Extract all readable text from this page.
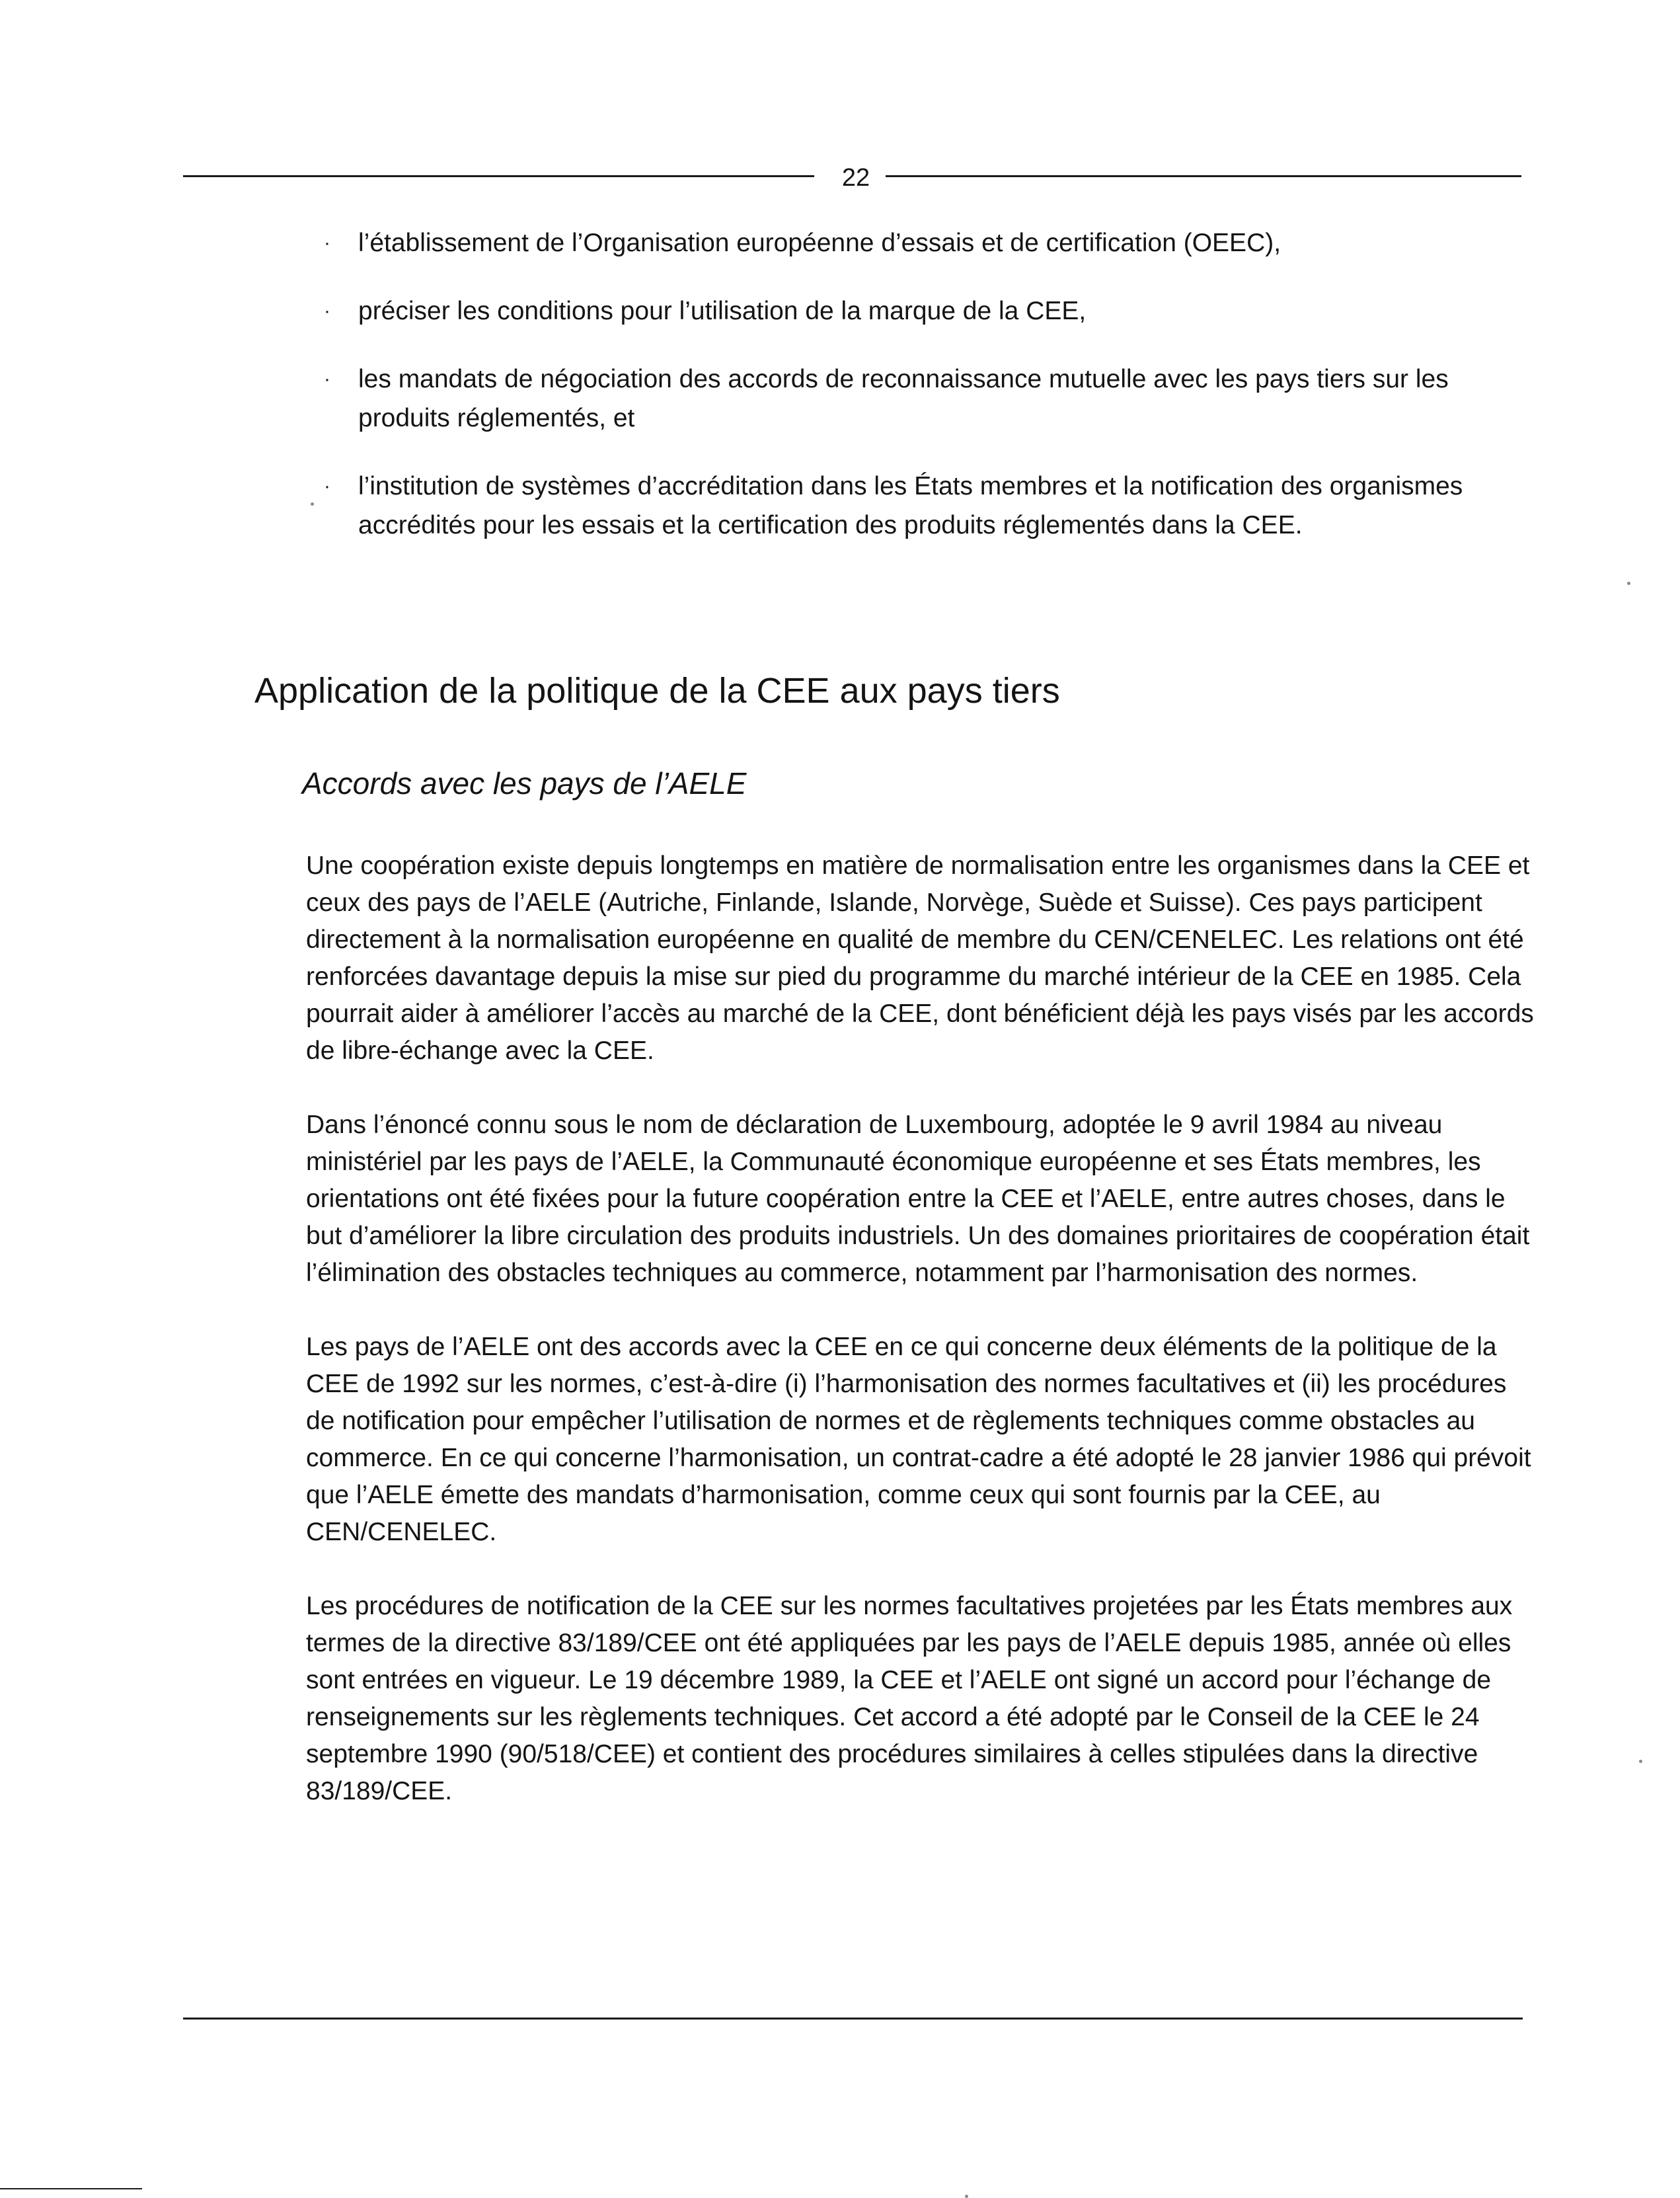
22
· l’établissement de l’Organisation européenne d’essais et de certification (OEEC),
· préciser les conditions pour l’utilisation de la marque de la CEE,
· les mandats de négociation des accords de reconnaissance mutuelle avec les pays tiers sur les produits réglementés, et
· l’institution de systèmes d’accréditation dans les États membres et la notification des organismes accrédités pour les essais et la certification des produits réglementés dans la CEE.
Application de la politique de la CEE aux pays tiers
Accords avec les pays de l’AELE

Une coopération existe depuis longtemps en matière de normalisation entre les organismes dans la CEE et ceux des pays de l’AELE (Autriche, Finlande, Islande, Norvège, Suède et Suisse). Ces pays participent directement à la normalisation européenne en qualité de membre du CEN/CENELEC. Les relations ont été renforcées davantage depuis la mise sur pied du programme du marché intérieur de la CEE en 1985. Cela pourrait aider à améliorer l’accès au marché de la CEE, dont bénéficient déjà les pays visés par les accords de libre-échange avec la CEE.

Dans l’énoncé connu sous le nom de déclaration de Luxembourg, adoptée le 9 avril 1984 au niveau ministériel par les pays de l’AELE, la Communauté économique européenne et ses États membres, les orientations ont été fixées pour la future coopération entre la CEE et l’AELE, entre autres choses, dans le but d’améliorer la libre circulation des produits industriels. Un des domaines prioritaires de coopération était l’élimination des obstacles techniques au commerce, notamment par l’harmonisation des normes.

Les pays de l’AELE ont des accords avec la CEE en ce qui concerne deux éléments de la politique de la CEE de 1992 sur les normes, c’est-à-dire (i) l’harmonisation des normes facultatives et (ii) les procédures de notification pour empêcher l’utilisation de normes et de règlements techniques comme obstacles au commerce. En ce qui concerne l’harmonisation, un contrat-cadre a été adopté le 28 janvier 1986 qui prévoit que l’AELE émette des mandats d’harmonisation, comme ceux qui sont fournis par la CEE, au CEN/CENELEC.

Les procédures de notification de la CEE sur les normes facultatives projetées par les États membres aux termes de la directive 83/189/CEE ont été appliquées par les pays de l’AELE depuis 1985, année où elles sont entrées en vigueur. Le 19 décembre 1989, la CEE et l’AELE ont signé un accord pour l’échange de renseignements sur les règlements techniques. Cet accord a été adopté par le Conseil de la CEE le 24 septembre 1990 (90/518/CEE) et contient des procédures similaires à celles stipulées dans la directive 83/189/CEE.
